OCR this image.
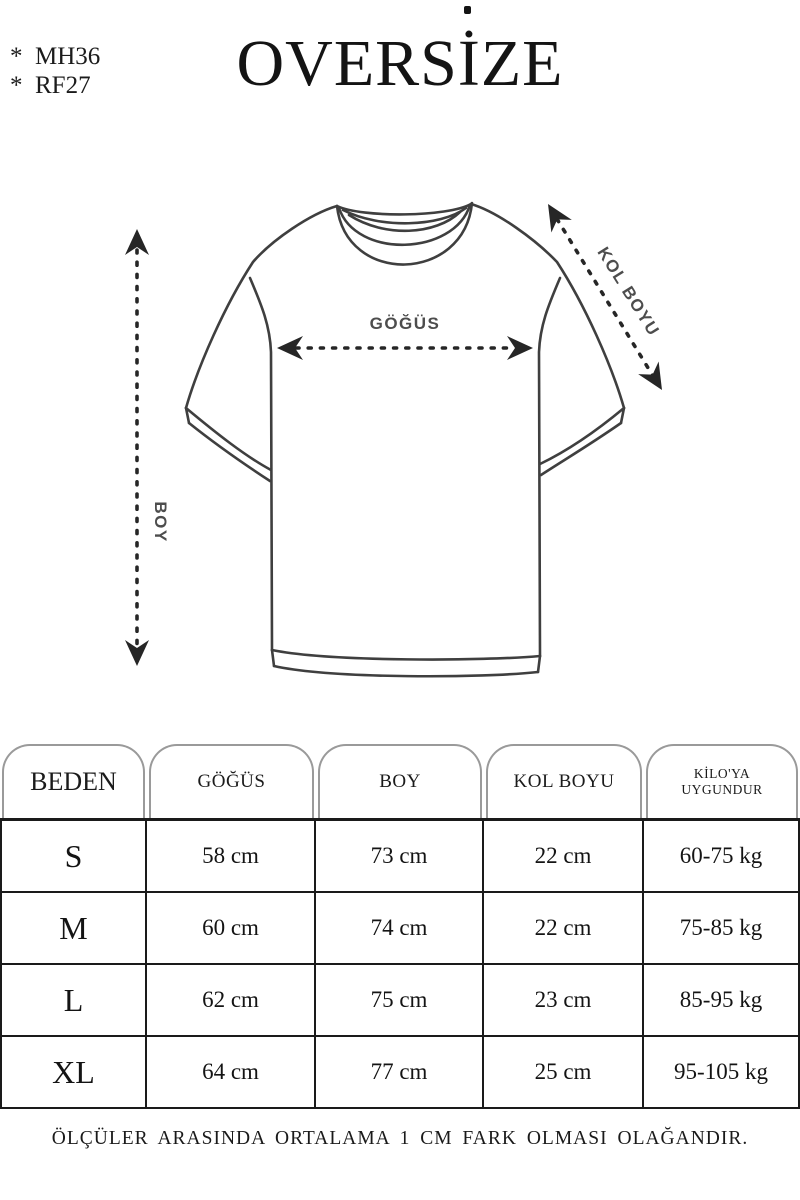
OVERSİZE
*  MH36
*  RF27
GÖĞÜS
BOY
KOL BOYU
BEDEN	GÖĞÜS	BOY	KOL BOYU	KİLO'YA UYGUNDUR
S	58 cm	73 cm	22 cm	60-75 kg
M	60 cm	74 cm	22 cm	75-85 kg
L	62 cm	75 cm	23 cm	85-95 kg
XL	64 cm	77 cm	25 cm	95-105 kg
ÖLÇÜLER ARASINDA ORTALAMA 1 CM FARK OLMASI OLAĞANDIR.
